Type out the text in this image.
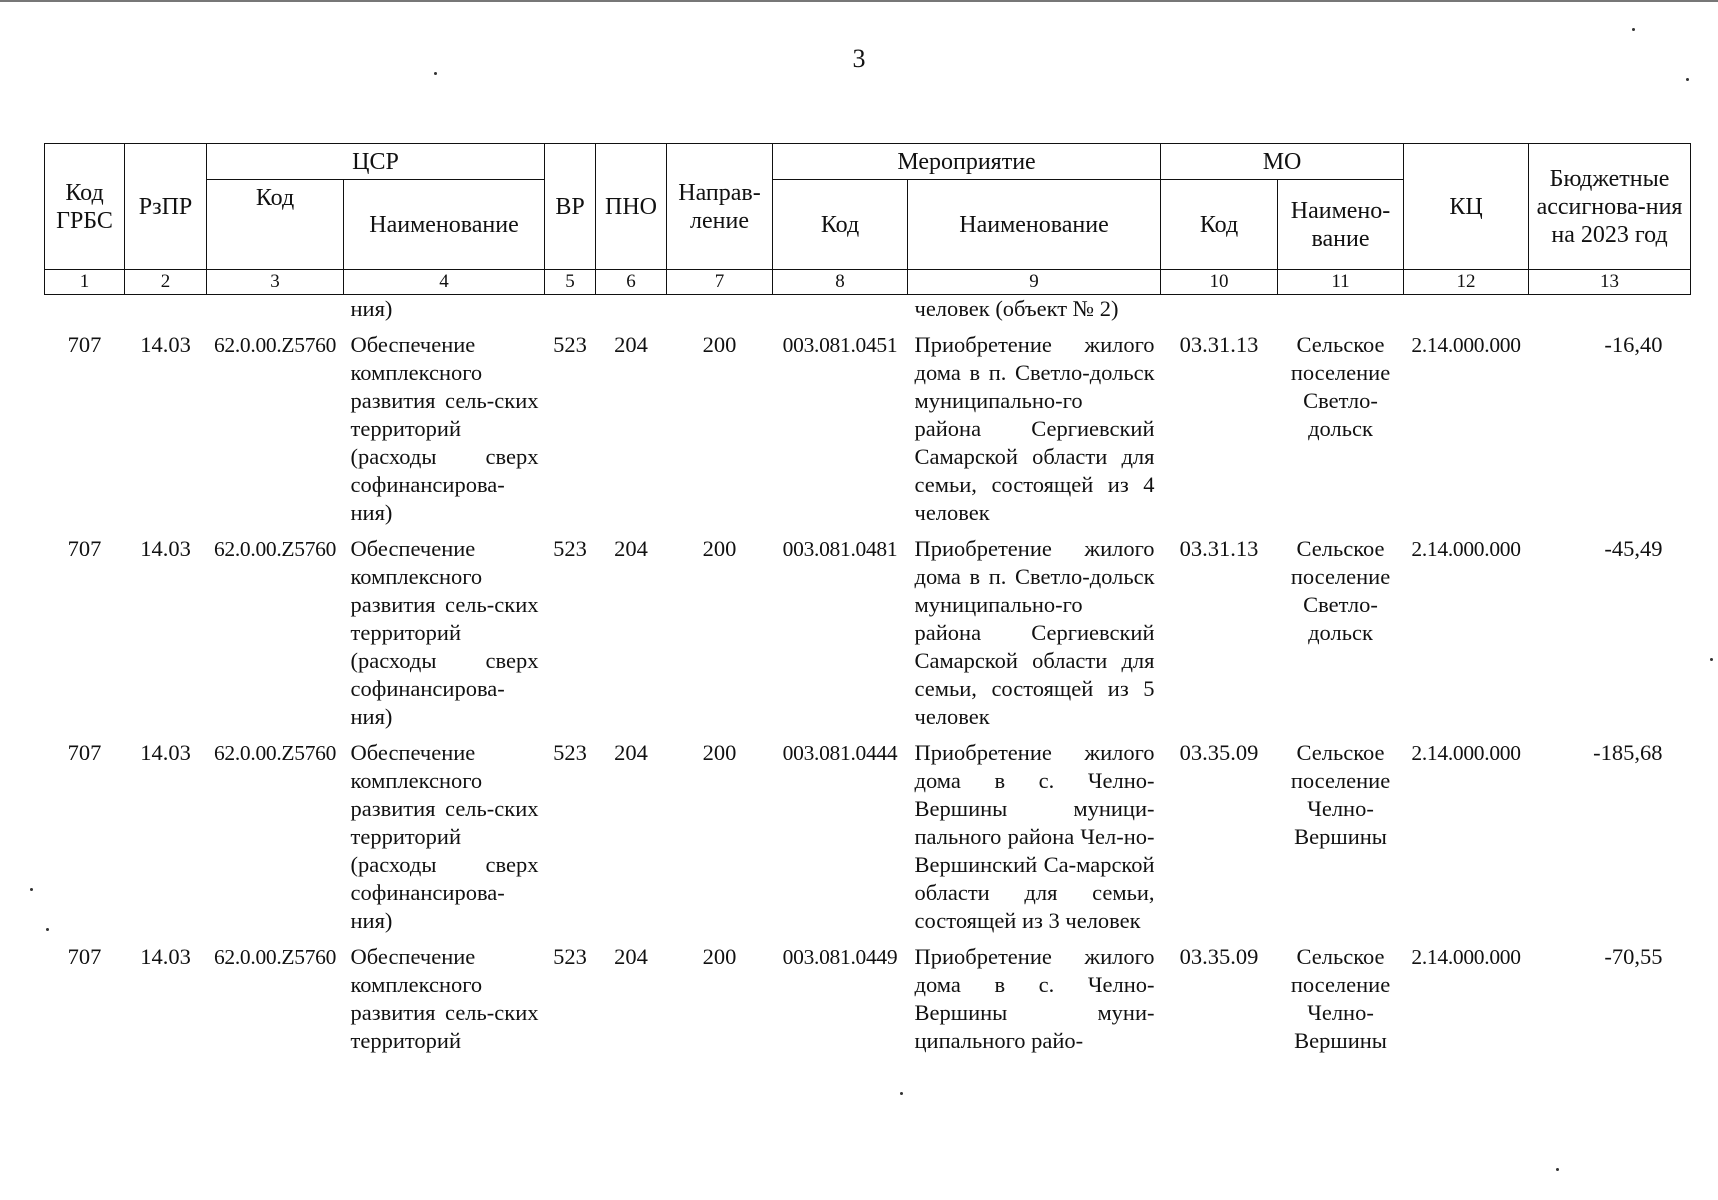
3
Код ГРБС	РзПР	ЦСР		ВР	ПНО	Направ-ление	Мероприятие		МО		КЦ	Бюджетные ассигнова-ния на 2023 год
		Код	Наименование				Код	Наименование	Код	Наимено-вание		
1	2	3	4	5	6	7	8	9	10	11	12	13
			ния)					человек (объект № 2)				
707	14.03	62.0.00.Z5760	Обеспечение комплексного развития сель-ских территорий (расходы сверх софинансирова-ния)	523	204	200	003.081.0451	Приобретение жилого дома в п. Светло-дольск муниципально-го района Сергиевский Самарской области для семьи, состоящей из 4 человек	03.31.13	Сельское поселение Светло-дольск	2.14.000.000	-16,40
707	14.03	62.0.00.Z5760	Обеспечение комплексного развития сель-ских территорий (расходы сверх софинансирова-ния)	523	204	200	003.081.0481	Приобретение жилого дома в п. Светло-дольск муниципально-го района Сергиевский Самарской области для семьи, состоящей из 5 человек	03.31.13	Сельское поселение Светло-дольск	2.14.000.000	-45,49
707	14.03	62.0.00.Z5760	Обеспечение комплексного развития сель-ских территорий (расходы сверх софинансирова-ния)	523	204	200	003.081.0444	Приобретение жилого дома в с. Челно-Вершины муници-пального района Чел-но-Вершинский Са-марской области для семьи, состоящей из 3 человек	03.35.09	Сельское поселение Челно-Вершины	2.14.000.000	-185,68
707	14.03	62.0.00.Z5760	Обеспечение комплексного развития сель-ских территорий	523	204	200	003.081.0449	Приобретение жилого дома в с. Челно-Вершины муни-ципального райо-	03.35.09	Сельское поселение Челно-Вершины	2.14.000.000	-70,55
